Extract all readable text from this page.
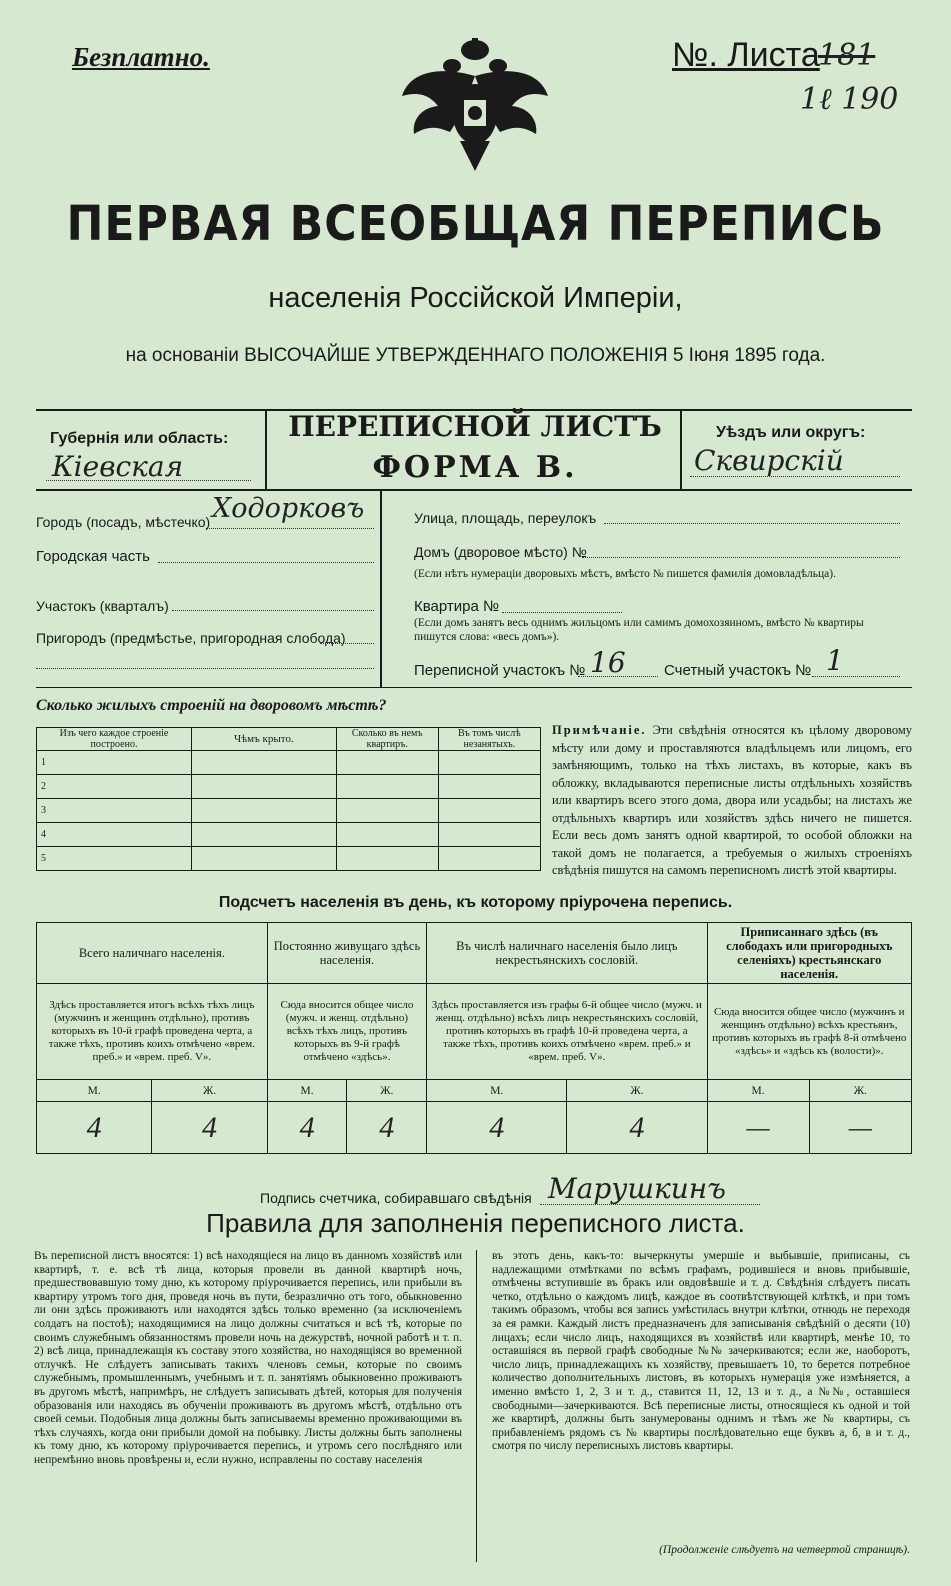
Безплатно.	№. Листа
181
1ℓ 190
ПЕРВАЯ ВСЕОБЩАЯ ПЕРЕПИСЬ
населенія Россійской Имперіи,
на основаніи ВЫСОЧАЙШЕ УТВЕРЖДЕННАГО ПОЛОЖЕНІЯ 5 Іюня 1895 года.
Губернія или область:
Кіевская
ПЕРЕПИСНОЙ ЛИСТЪ
ФОРМА В.
Уѣздъ или округъ:
Сквирскій
Городъ (посадъ, мѣстечко) Ходорковъ
Городская часть
Участокъ (кварталъ)
Пригородъ (предмѣстье, пригородная слобода)
Улица, площадь, переулокъ
Домъ (дворовое мѣсто) №
(Если нѣтъ нумераціи дворовыхъ мѣстъ, вмѣсто № пишется фамилія домовладѣльца).
Квартира №
(Если домъ занятъ весь однимъ жильцомъ или самимъ домохозяиномъ, вмѣсто № квартиры пишутся слова: «весь домъ»).
Переписной участокъ № 16	Счетный участокъ № 1
Сколько жилыхъ строеній на дворовомъ мѣстѣ?
Изъ чего каждое строеніе построено.	Чѣмъ крыто.	Сколько въ немъ квартиръ.	Въ томъ числѣ незанятыхъ.
1			
2			
3			
4			
5			
Примѣчаніе. Эти свѣдѣнія относятся къ цѣлому дворовому мѣсту или дому и проставляются владѣльцемъ или лицомъ, его замѣняющимъ, только на тѣхъ листахъ, въ которые, какъ въ обложку, вкладываются переписные листы отдѣльныхъ хозяйствъ или квартиръ всего этого дома, двора или усадьбы; на листахъ же отдѣльныхъ квартиръ или хозяйствъ здѣсь ничего не пишется. Если весь домъ занятъ одной квартирой, то особой обложки на такой домъ не полагается, а требуемыя о жилыхъ строеніяхъ свѣдѣнія пишутся на самомъ переписномъ листѣ этой квартиры.
Подсчетъ населенія въ день, къ которому пріурочена перепись.
Всего наличнаго населенія.		Постоянно живущаго здѣсь населенія.		Въ числѣ наличнаго населенія было лицъ некрестьянскихъ сословій.		Приписаннаго здѣсь (въ слободахъ или пригородныхъ селеніяхъ) крестьянскаго населенія.	
Здѣсь проставляется итогъ всѣхъ тѣхъ лицъ (мужчинъ и женщинъ отдѣльно), противъ которыхъ въ 10-й графѣ проведена черта, а также тѣхъ, противъ коихъ отмѣчено «врем. преб.» и «врем. преб. V».		Сюда вносится общее число (мужч. и женщ. отдѣльно) всѣхъ тѣхъ лицъ, противъ которыхъ въ 9-й графѣ отмѣчено «здѣсь».		Здѣсь проставляется изъ графы 6-й общее число (мужч. и женщ. отдѣльно) всѣхъ лицъ некрестьянскихъ сословій, противъ которыхъ въ графѣ 10-й проведена черта, а также тѣхъ, противъ коихъ отмѣчено «врем. преб.» и «врем. преб. V».		Сюда вносится общее число (мужчинъ и женщинъ отдѣльно) всѣхъ крестьянъ, противъ которыхъ въ графѣ 8-й отмѣчено «здѣсь» и «здѣсь къ (волости)».	
М.	Ж.	М.	Ж.	М.	Ж.	М.	Ж.
4	4	4	4	4	4	—	—
Подпись счетчика, собиравшаго свѣдѣнія Марушкинъ
Правила для заполненія переписного листа.
Въ переписной листъ вносятся: 1) всѣ находящіеся на лицо въ данномъ хозяйствѣ или квартирѣ, т. е. всѣ тѣ лица, которыя провели въ данной квартирѣ ночь, предшествовавшую тому дню, къ которому пріурочивается перепись, или прибыли въ квартиру утромъ того дня, проведя ночь въ пути, безразлично отъ того, обыкновенно ли они здѣсь проживаютъ или находятся здѣсь только временно (за исключеніемъ солдатъ на постоѣ); находящимися на лицо должны считаться и всѣ тѣ, которые по своимъ служебнымъ обязанностямъ провели ночь на дежурствѣ, ночной работѣ и т. п. 2) всѣ лица, принадлежащія къ составу этого хозяйства, но находящіяся во временной отлучкѣ. Не слѣдуетъ записывать такихъ членовъ семьи, которые по своимъ служебнымъ, промышленнымъ, учебнымъ и т. п. занятіямъ обыкновенно проживаютъ въ другомъ мѣстѣ, напримѣръ, не слѣдуетъ записывать дѣтей, которыя для полученія образованія или находясь въ обученіи проживаютъ въ другомъ мѣстѣ, отдѣльно отъ своей семьи. Подобныя лица должны быть записываемы временно проживающими въ тѣхъ случаяхъ, когда они прибыли домой на побывку. Листы должны быть заполнены къ тому дню, къ которому пріурочивается перепись, и утромъ сего послѣдняго или непремѣнно вновь провѣрены и, если нужно, исправлены по составу населенія
въ этотъ день, какъ-то: вычеркнуты умершіе и выбывшіе, приписаны, съ надлежащими отмѣтками по всѣмъ графамъ, родившіеся и вновь прибывшіе, отмѣчены вступившіе въ бракъ или овдовѣвшіе и т. д. Свѣдѣнія слѣдуетъ писать четко, отдѣльно о каждомъ лицѣ, каждое въ соотвѣтствующей клѣткѣ, и при томъ такимъ образомъ, чтобы вся запись умѣстилась внутри клѣтки, отнюдь не переходя за ея рамки. Каждый листъ предназначенъ для записыванія свѣдѣній о десяти (10) лицахъ; если число лицъ, находящихся въ хозяйствѣ или квартирѣ, менѣе 10, то оставшіяся въ первой графѣ свободные №№ зачеркиваются; если же, наоборотъ, число лицъ, принадлежащихъ къ хозяйству, превышаетъ 10, то берется потребное количество дополнительныхъ листовъ, въ которыхъ нумерація уже измѣняется, а именно вмѣсто 1, 2, 3 и т. д., ставится 11, 12, 13 и т. д., а №№, оставшіеся свободными—зачеркиваются. Всѣ переписные листы, относящіеся къ одной и той же квартирѣ, должны быть занумерованы однимъ и тѣмъ же № квартиры, съ прибавленіемъ рядомъ съ № квартиры послѣдовательно еще буквъ а, б, в и т. д., смотря по числу переписныхъ листовъ квартиры.
(Продолженіе слѣдуетъ на четвертой страницѣ).
